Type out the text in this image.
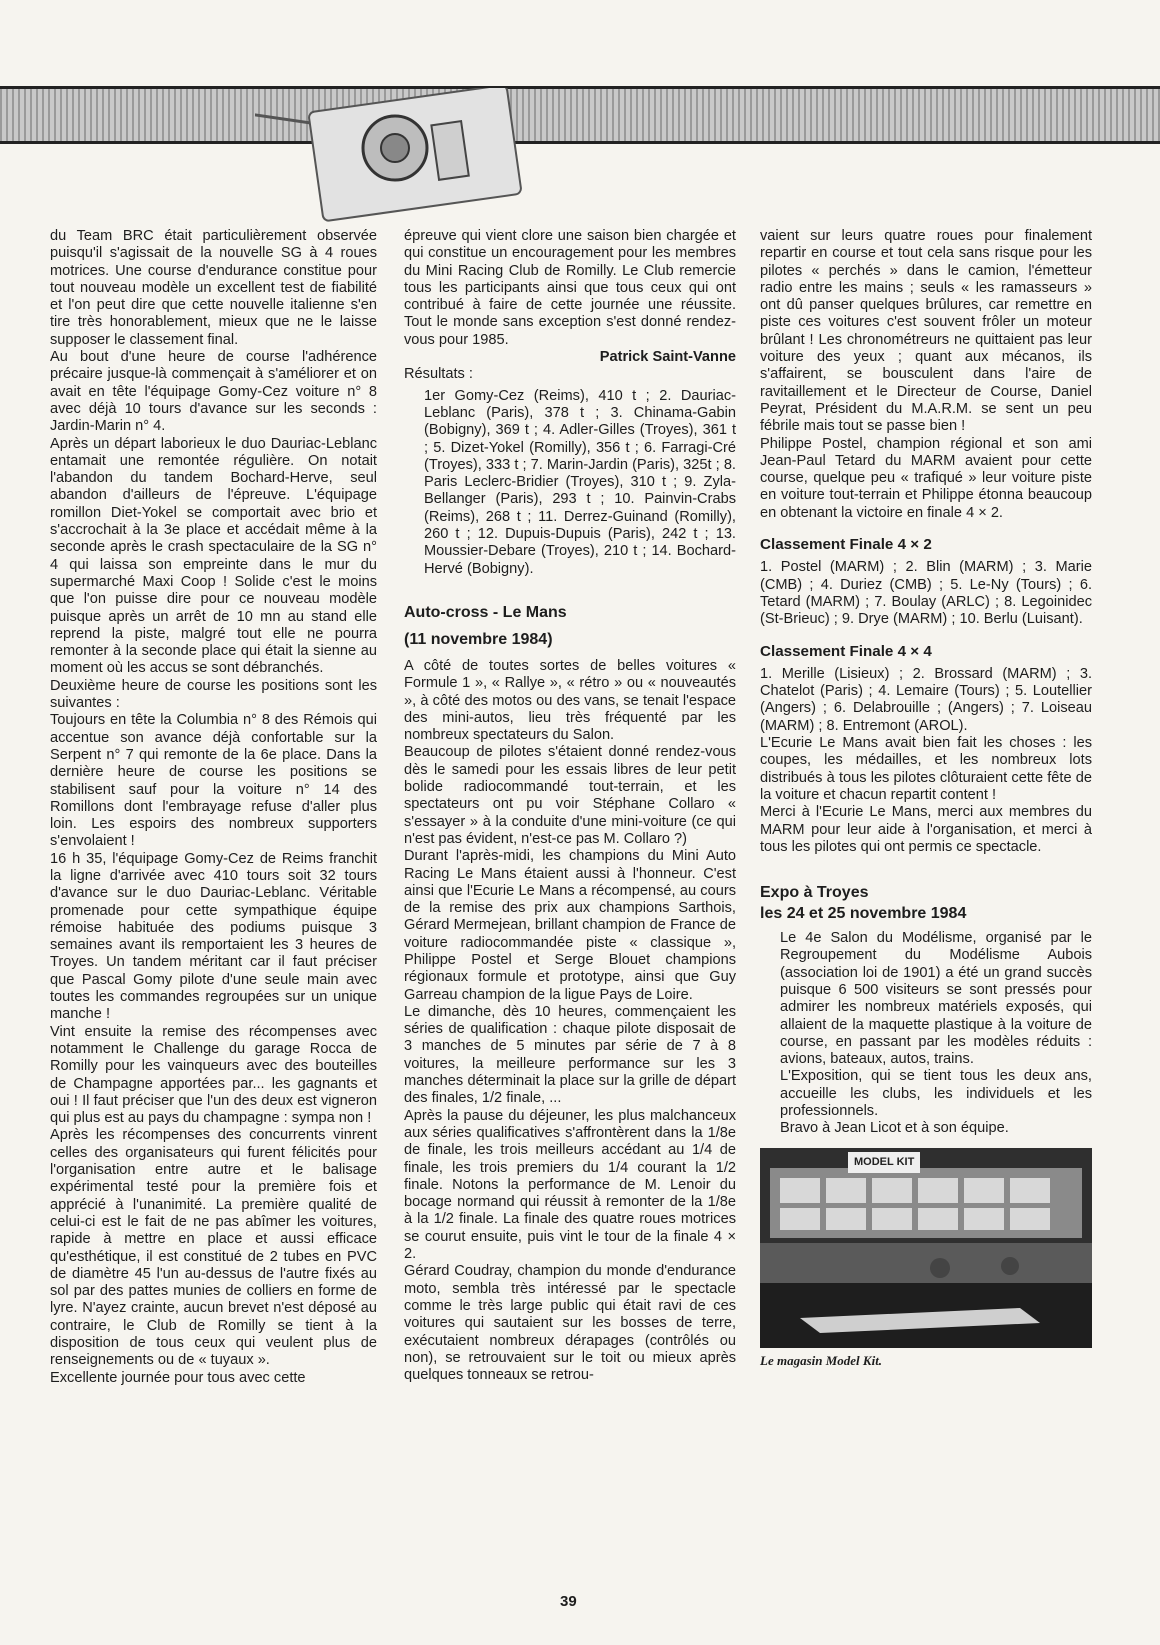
du Team BRC était particulièrement observée puisqu'il s'agissait de la nouvelle SG à 4 roues motrices. Une course d'endurance constitue pour tout nouveau modèle un excellent test de fiabilité et l'on peut dire que cette nouvelle italienne s'en tire très honorablement, mieux que ne le laisse supposer le classement final.

Au bout d'une heure de course l'adhérence précaire jusque-là commençait à s'améliorer et on avait en tête l'équipage Gomy-Cez voiture n° 8 avec déjà 10 tours d'avance sur les seconds : Jardin-Marin n° 4.

Après un départ laborieux le duo Dauriac-Leblanc entamait une remontée régulière. On notait l'abandon du tandem Bochard-Herve, seul abandon d'ailleurs de l'épreuve. L'équipage romillon Diet-Yokel se comportait avec brio et s'accrochait à la 3e place et accédait même à la seconde après le crash spectaculaire de la SG n° 4 qui laissa son empreinte dans le mur du supermarché Maxi Coop ! Solide c'est le moins que l'on puisse dire pour ce nouveau modèle puisque après un arrêt de 10 mn au stand elle reprend la piste, malgré tout elle ne pourra remonter à la seconde place qui était la sienne au moment où les accus se sont débranchés.

Deuxième heure de course les positions sont les suivantes :

Toujours en tête la Columbia n° 8 des Rémois qui accentue son avance déjà confortable sur la Serpent n° 7 qui remonte de la 6e place. Dans la dernière heure de course les positions se stabilisent sauf pour la voiture n° 14 des Romillons dont l'embrayage refuse d'aller plus loin. Les espoirs des nombreux supporters s'envolaient !

16 h 35, l'équipage Gomy-Cez de Reims franchit la ligne d'arrivée avec 410 tours soit 32 tours d'avance sur le duo Dauriac-Leblanc. Véritable promenade pour cette sympathique équipe rémoise habituée des podiums puisque 3 semaines avant ils remportaient les 3 heures de Troyes. Un tandem méritant car il faut préciser que Pascal Gomy pilote d'une seule main avec toutes les commandes regroupées sur un unique manche !

Vint ensuite la remise des récompenses avec notamment le Challenge du garage Rocca de Romilly pour les vainqueurs avec des bouteilles de Champagne apportées par... les gagnants et oui ! Il faut préciser que l'un des deux est vigneron qui plus est au pays du champagne : sympa non !

Après les récompenses des concurrents vinrent celles des organisateurs qui furent félicités pour l'organisation entre autre et le balisage expérimental testé pour la première fois et apprécié à l'unanimité. La première qualité de celui-ci est le fait de ne pas abîmer les voitures, rapide à mettre en place et aussi efficace qu'esthétique, il est constitué de 2 tubes en PVC de diamètre 45 l'un au-dessus de l'autre fixés au sol par des pattes munies de colliers en forme de lyre. N'ayez crainte, aucun brevet n'est déposé au contraire, le Club de Romilly se tient à la disposition de tous ceux qui veulent plus de renseignements ou de « tuyaux ».

Excellente journée pour tous avec cette

épreuve qui vient clore une saison bien chargée et qui constitue un encouragement pour les membres du Mini Racing Club de Romilly. Le Club remercie tous les participants ainsi que tous ceux qui ont contribué à faire de cette journée une réussite. Tout le monde sans exception s'est donné rendez-vous pour 1985.

Patrick Saint-Vanne

Résultats :

1er Gomy-Cez (Reims), 410 t ; 2. Dauriac-Leblanc (Paris), 378 t ; 3. Chinama-Gabin (Bobigny), 369 t ; 4. Adler-Gilles (Troyes), 361 t ; 5. Dizet-Yokel (Romilly), 356 t ; 6. Farragi-Cré (Troyes), 333 t ; 7. Marin-Jardin (Paris), 325t ; 8. Paris Leclerc-Bridier (Troyes), 310 t ; 9. Zyla-Bellanger (Paris), 293 t ; 10. Painvin-Crabs (Reims), 268 t ; 11. Derrez-Guinand (Romilly), 260 t ; 12. Dupuis-Dupuis (Paris), 242 t ; 13. Moussier-Debare (Troyes), 210 t ; 14. Bochard-Hervé (Bobigny).

Auto-cross - Le Mans
(11 novembre 1984)

A côté de toutes sortes de belles voitures « Formule 1 », « Rallye », « rétro » ou « nouveautés », à côté des motos ou des vans, se tenait l'espace des mini-autos, lieu très fréquenté par les nombreux spectateurs du Salon.

Beaucoup de pilotes s'étaient donné rendez-vous dès le samedi pour les essais libres de leur petit bolide radiocommandé tout-terrain, et les spectateurs ont pu voir Stéphane Collaro « s'essayer » à la conduite d'une mini-voiture (ce qui n'est pas évident, n'est-ce pas M. Collaro ?)

Durant l'après-midi, les champions du Mini Auto Racing Le Mans étaient aussi à l'honneur. C'est ainsi que l'Ecurie Le Mans a récompensé, au cours de la remise des prix aux champions Sarthois, Gérard Mermejean, brillant champion de France de voiture radiocommandée piste « classique », Philippe Postel et Serge Blouet champions régionaux formule et prototype, ainsi que Guy Garreau champion de la ligue Pays de Loire.

Le dimanche, dès 10 heures, commençaient les séries de qualification : chaque pilote disposait de 3 manches de 5 minutes par série de 7 à 8 voitures, la meilleure performance sur les 3 manches déterminait la place sur la grille de départ des finales, 1/2 finale, ...

Après la pause du déjeuner, les plus malchanceux aux séries qualificatives s'affrontèrent dans la 1/8e de finale, les trois meilleurs accédant au 1/4 de finale, les trois premiers du 1/4 courant la 1/2 finale. Notons la performance de M. Lenoir du bocage normand qui réussit à remonter de la 1/8e à la 1/2 finale. La finale des quatre roues motrices se courut ensuite, puis vint le tour de la finale 4 × 2.

Gérard Coudray, champion du monde d'endurance moto, sembla très intéressé par le spectacle comme le très large public qui était ravi de ces voitures qui sautaient sur les bosses de terre, exécutaient nombreux dérapages (contrôlés ou non), se retrouvaient sur le toit ou mieux après quelques tonneaux se retrou-

vaient sur leurs quatre roues pour finalement repartir en course et tout cela sans risque pour les pilotes « perchés » dans le camion, l'émetteur radio entre les mains ; seuls « les ramasseurs » ont dû panser quelques brûlures, car remettre en piste ces voitures c'est souvent frôler un moteur brûlant ! Les chronométreurs ne quittaient pas leur voiture des yeux ; quant aux mécanos, ils s'affairent, se bousculent dans l'aire de ravitaillement et le Directeur de Course, Daniel Peyrat, Président du M.A.R.M. se sent un peu fébrile mais tout se passe bien !

Philippe Postel, champion régional et son ami Jean-Paul Tetard du MARM avaient pour cette course, quelque peu « trafiqué » leur voiture piste en voiture tout-terrain et Philippe étonna beaucoup en obtenant la victoire en finale 4 × 2.

Classement Finale 4 × 2

1. Postel (MARM) ; 2. Blin (MARM) ; 3. Marie (CMB) ; 4. Duriez (CMB) ; 5. Le-Ny (Tours) ; 6. Tetard (MARM) ; 7. Boulay (ARLC) ; 8. Legoinidec (St-Brieuc) ; 9. Drye (MARM) ; 10. Berlu (Luisant).

Classement Finale 4 × 4

1. Merille (Lisieux) ; 2. Brossard (MARM) ; 3. Chatelot (Paris) ; 4. Lemaire (Tours) ; 5. Loutellier (Angers) ; 6. Delabrouille ; (Angers) ; 7. Loiseau (MARM) ; 8. Entremont (AROL).

L'Ecurie Le Mans avait bien fait les choses : les coupes, les médailles, et les nombreux lots distribués à tous les pilotes clôturaient cette fête de la voiture et chacun repartit content !

Merci à l'Ecurie Le Mans, merci aux membres du MARM pour leur aide à l'organisation, et merci à tous les pilotes qui ont permis ce spectacle.

Expo à Troyes
les 24 et 25 novembre 1984

Le 4e Salon du Modélisme, organisé par le Regroupement du Modélisme Aubois (association loi de 1901) a été un grand succès puisque 6 500 visiteurs se sont pressés pour admirer les nombreux matériels exposés, qui allaient de la maquette plastique à la voiture de course, en passant par les modèles réduits : avions, bateaux, autos, trains.

L'Exposition, qui se tient tous les deux ans, accueille les clubs, les individuels et les professionnels.

Bravo à Jean Licot et à son équipe.

MODEL KIT
Le magasin Model Kit.
39
